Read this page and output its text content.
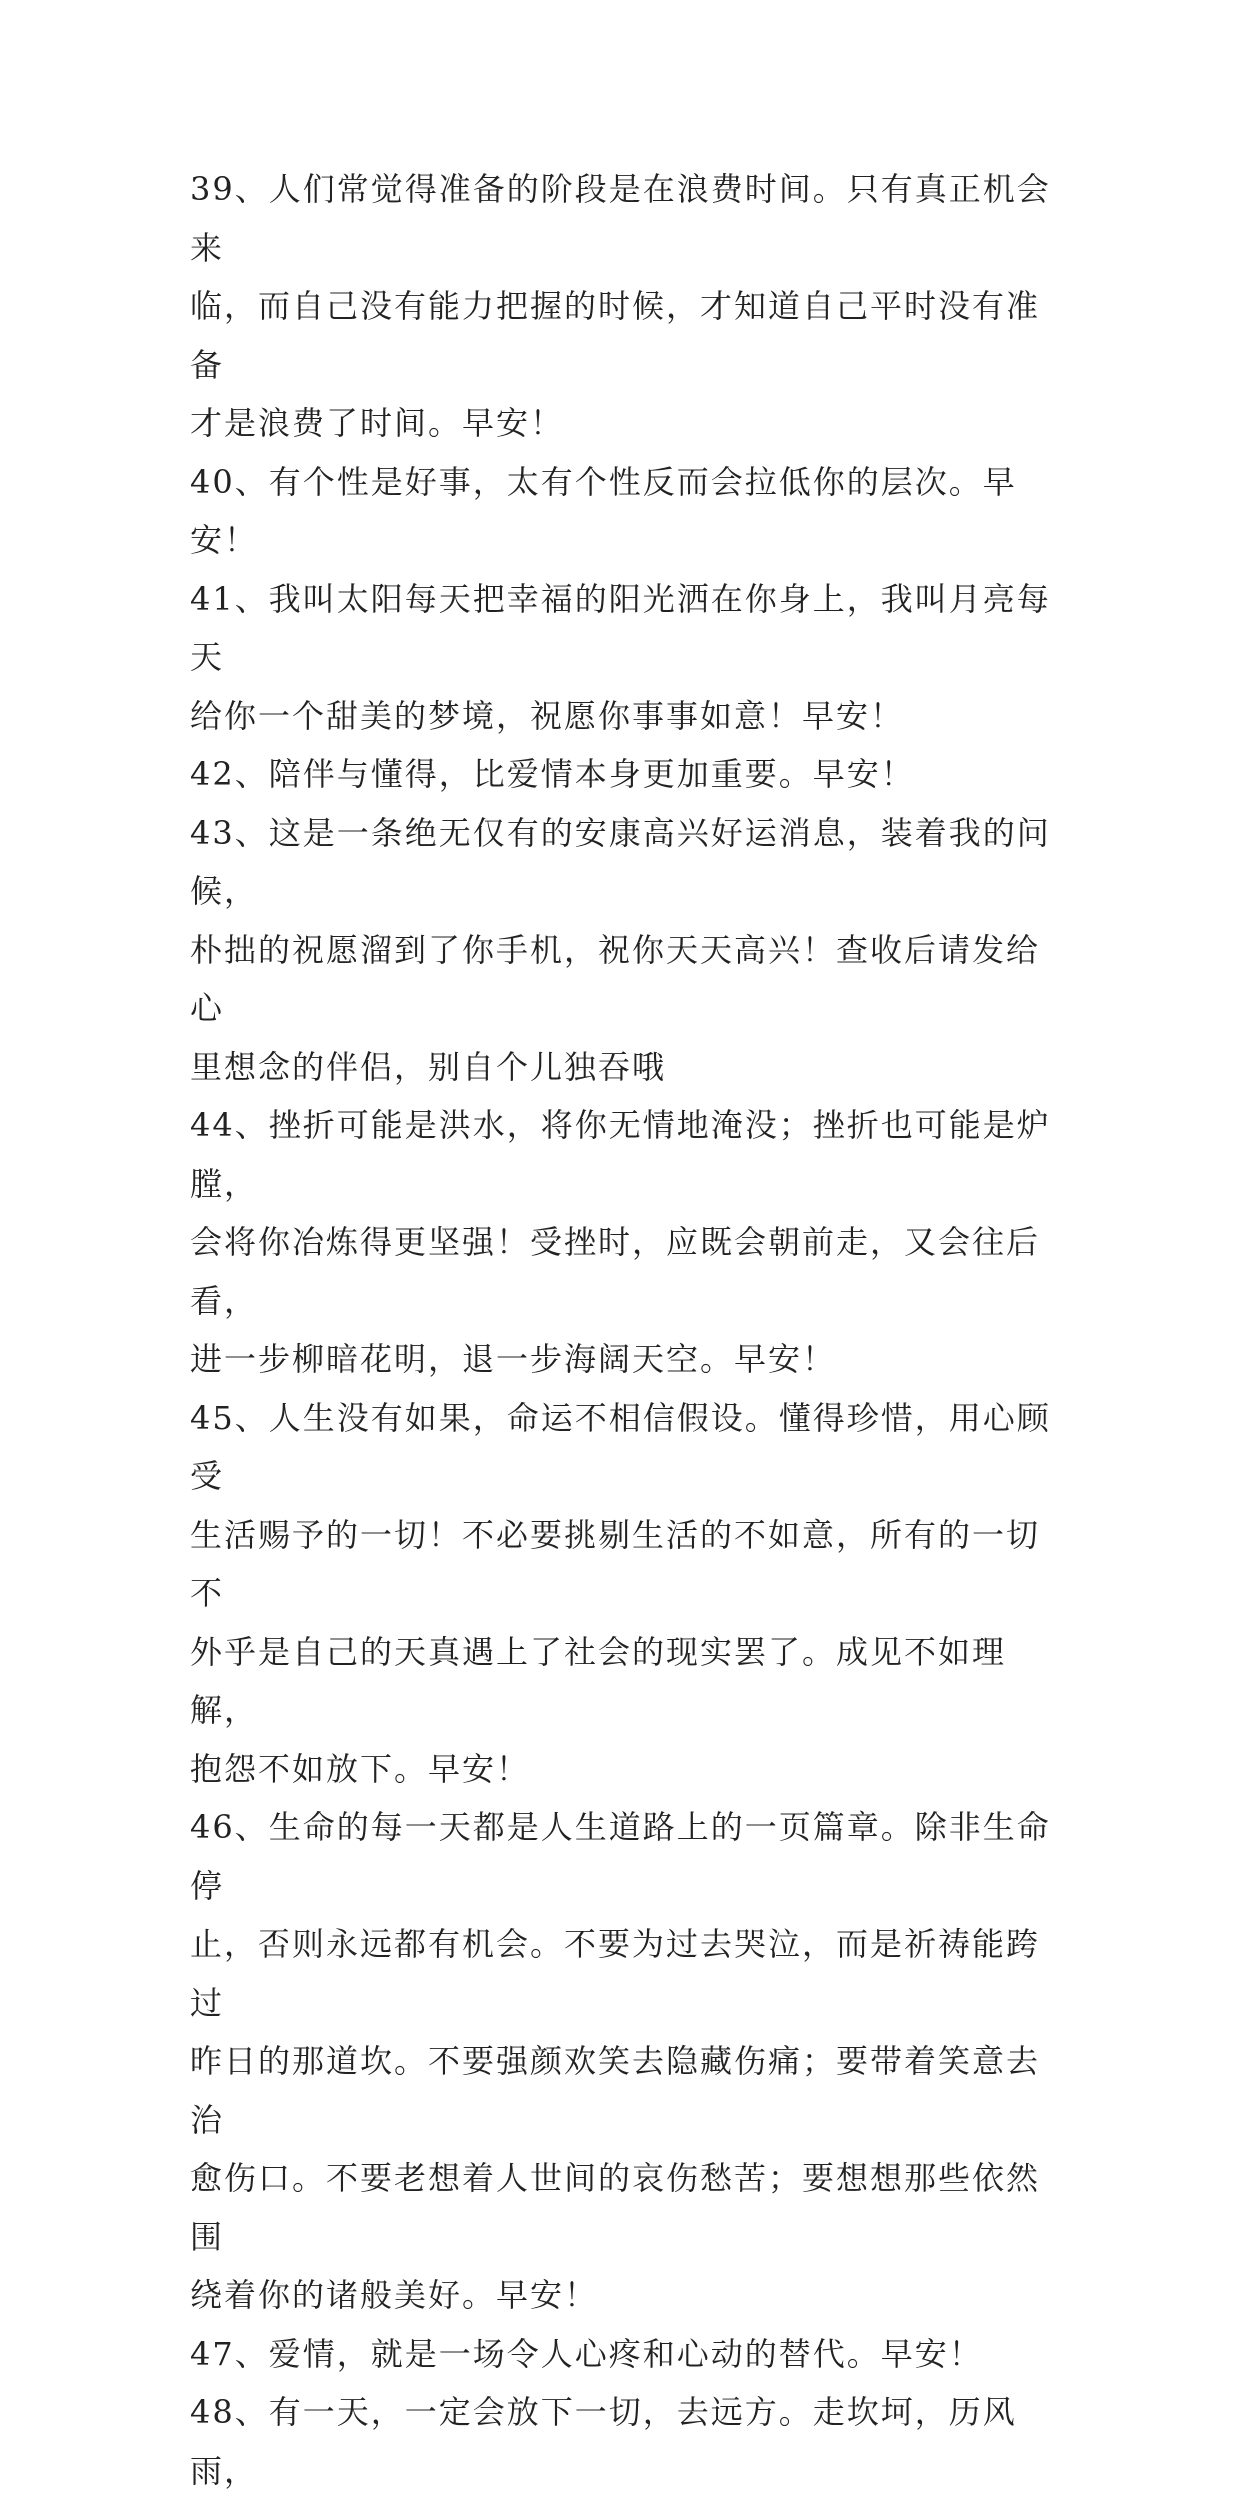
39、人们常觉得准备的阶段是在浪费时间。只有真正机会来
临，而自己没有能力把握的时候，才知道自己平时没有准备
才是浪费了时间。早安！

40、有个性是好事，太有个性反而会拉低你的层次。早安！

41、我叫太阳每天把幸福的阳光洒在你身上，我叫月亮每天
给你一个甜美的梦境，祝愿你事事如意！早安！

42、陪伴与懂得，比爱情本身更加重要。早安！

43、这是一条绝无仅有的安康高兴好运消息，装着我的问候，
朴拙的祝愿溜到了你手机，祝你天天高兴！查收后请发给心
里想念的伴侣，别自个儿独吞哦

44、挫折可能是洪水，将你无情地淹没；挫折也可能是炉膛，
会将你冶炼得更坚强！受挫时，应既会朝前走，又会往后看，
进一步柳暗花明，退一步海阔天空。早安！

45、人生没有如果，命运不相信假设。懂得珍惜，用心顾受
生活赐予的一切！不必要挑剔生活的不如意，所有的一切不
外乎是自己的天真遇上了社会的现实罢了。成见不如理解，
抱怨不如放下。早安！

46、生命的每一天都是人生道路上的一页篇章。除非生命停
止，否则永远都有机会。不要为过去哭泣，而是祈祷能跨过
昨日的那道坎。不要强颜欢笑去隐藏伤痛；要带着笑意去治
愈伤口。不要老想着人世间的哀伤愁苦；要想想那些依然围
绕着你的诸般美好。早安！

47、爱情，就是一场令人心疼和心动的替代。早安！

48、有一天，一定会放下一切，去远方。走坎坷，历风雨，
